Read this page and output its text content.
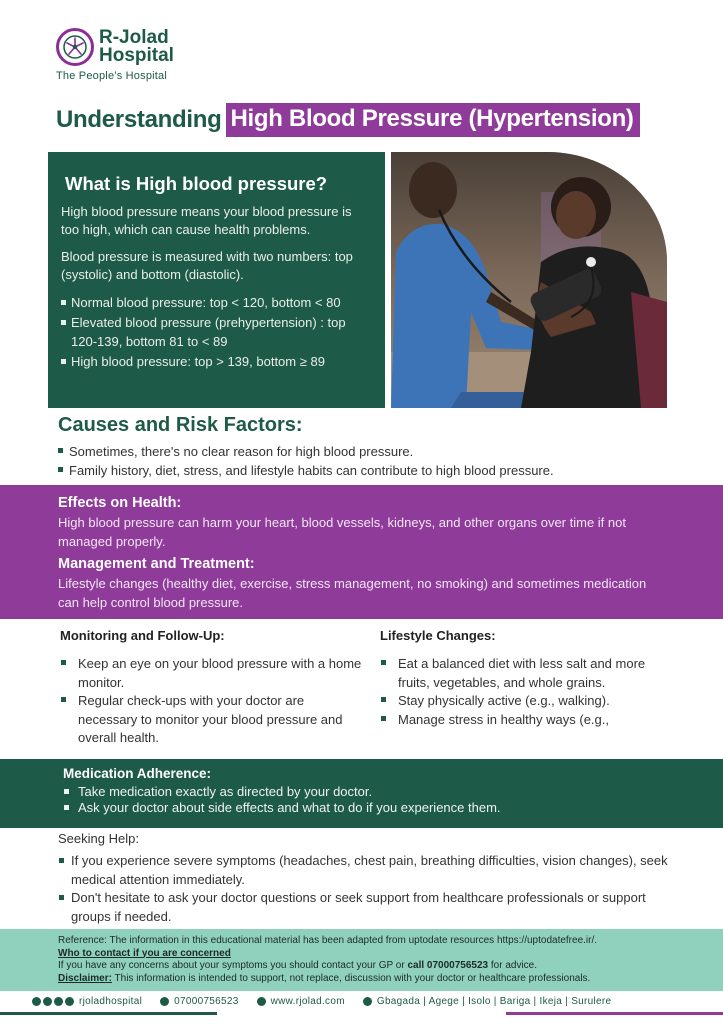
R-Jolad
Hospital
The People’s Hospital
Understanding High Blood Pressure (Hypertension)
What is High blood pressure?

High blood pressure means your blood pressure is too high, which can cause health problems.

Blood pressure is measured with two numbers: top (systolic) and bottom (diastolic).

Normal blood pressure: top < 120, bottom < 80
Elevated blood pressure (prehypertension) : top 120-139, bottom 81 to < 89
High blood pressure: top > 139, bottom ≥ 89
Causes and Risk Factors:
Sometimes, there's no clear reason for high blood pressure.
Family history, diet, stress, and lifestyle habits can contribute to high blood pressure.
Effects on Health:

High blood pressure can harm your heart, blood vessels, kidneys, and other organs over time if not managed properly.

Management and Treatment:

Lifestyle changes (healthy diet, exercise, stress management, no smoking) and sometimes medication can help control blood pressure.

Monitoring and Follow-Up:
Keep an eye on your blood pressure with a home monitor.
Regular check-ups with your doctor are necessary to monitor your blood pressure and overall health.
Lifestyle Changes:
Eat a balanced diet with less salt and more fruits, vegetables, and whole grains.
Stay physically active (e.g., walking).
Manage stress in healthy ways (e.g.,
Medication Adherence:
Take medication exactly as directed by your doctor.
Ask your doctor about side effects and what to do if you experience them.
Seeking Help:
If you experience severe symptoms (headaches, chest pain, breathing difficulties, vision changes), seek medical attention immediately.
Don't hesitate to ask your doctor questions or seek support from healthcare professionals or support groups if needed.
Reference: The information in this educational material has been adapted from uptodate resources https://uptodatefree.ir/.
Who to contact if you are concerned
If you have any concerns about your symptoms you should contact your GP or call 07000756523 for advice.
Disclaimer: This information is intended to support, not replace, discussion with your doctor or healthcare professionals.
rjoladhospital	07000756523	www.rjolad.com	Gbagada | Agege | Isolo | Bariga | Ikeja | Surulere
